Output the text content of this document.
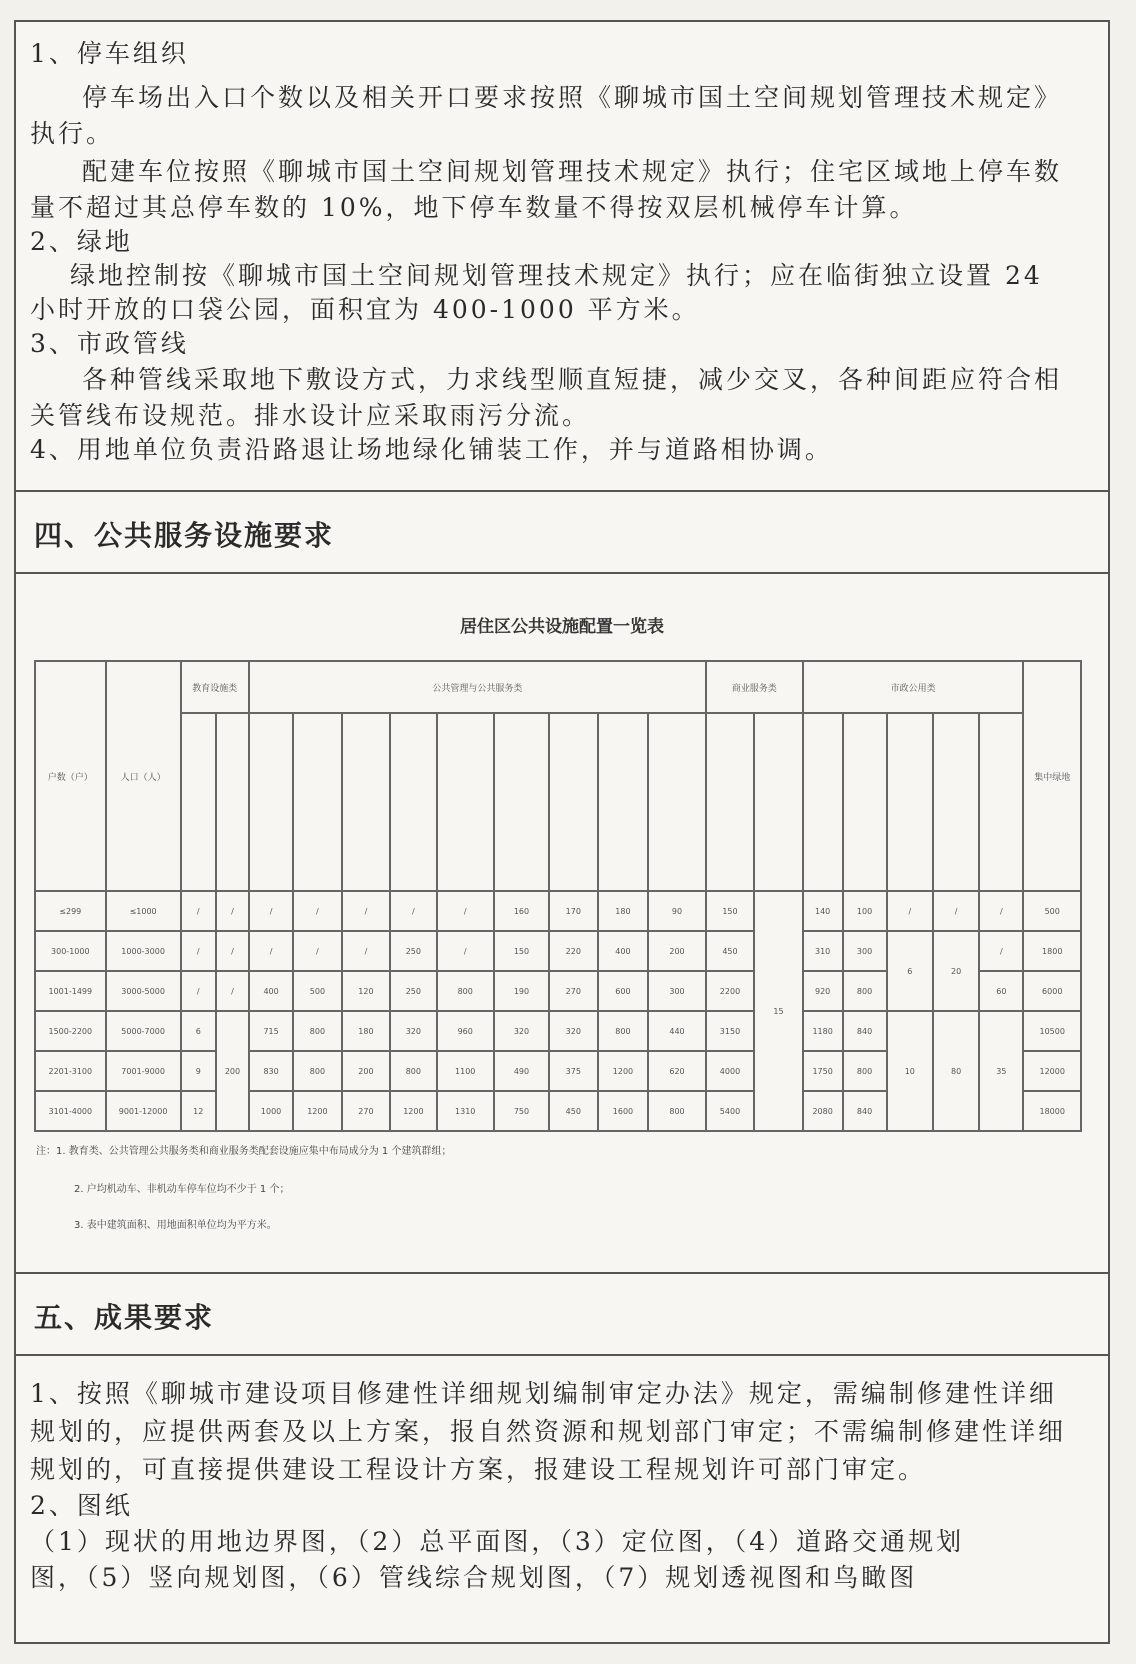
1、停车组织
停车场出入口个数以及相关开口要求按照《聊城市国土空间规划管理技术规定》
执行。
配建车位按照《聊城市国土空间规划管理技术规定》执行；住宅区域地上停车数
量不超过其总停车数的 10%，地下停车数量不得按双层机械停车计算。
2、绿地
绿地控制按《聊城市国土空间规划管理技术规定》执行；应在临街独立设置 24
小时开放的口袋公园，面积宜为 400-1000 平方米。
3、市政管线
各种管线采取地下敷设方式，力求线型顺直短捷，减少交叉，各种间距应符合相
关管线布设规范。排水设计应采取雨污分流。
4、用地单位负责沿路退让场地绿化铺装工作，并与道路相协调。
四、公共服务设施要求
居住区公共设施配置一览表
户数（户）	人口（人）	教育设施类		公共管理与公共服务类									商业服务类		市政公用类					集中绿地

≤299	≤1000	/	/	/	/	/	/	/	160	170	180	90	150	15	140	100	/	/	/	500
300-1000	1000-3000	/	/	/	/	/	250	/	150	220	400	200	450		310	300	6	20	/	1800
1001-1499	3000-5000	/	/	400	500	120	250	800	190	270	600	300	2200		920	800			60	6000
1500-2200	5000-7000	6	200	715	800	180	320	960	320	320	800	440	3150		1180	840	10	80	35	10500
2201-3100	7001-9000	9		830	800	200	800	1100	490	375	1200	620	4000		1750	800				12000
3101-4000	9001-12000	12		1000	1200	270	1200	1310	750	450	1600	800	5400		2080	840				18000
注：1. 教育类、公共管理公共服务类和商业服务类配套设施应集中布局成分为 1 个建筑群组；
2. 户均机动车、非机动车停车位均不少于 1 个；
3. 表中建筑面积、用地面积单位均为平方米。
五、成果要求
1、按照《聊城市建设项目修建性详细规划编制审定办法》规定，需编制修建性详细
规划的，应提供两套及以上方案，报自然资源和规划部门审定；不需编制修建性详细
规划的，可直接提供建设工程设计方案，报建设工程规划许可部门审定。
2、图纸
（1）现状的用地边界图，（2）总平面图，（3）定位图，（4）道路交通规划
图，（5）竖向规划图，（6）管线综合规划图，（7）规划透视图和鸟瞰图
